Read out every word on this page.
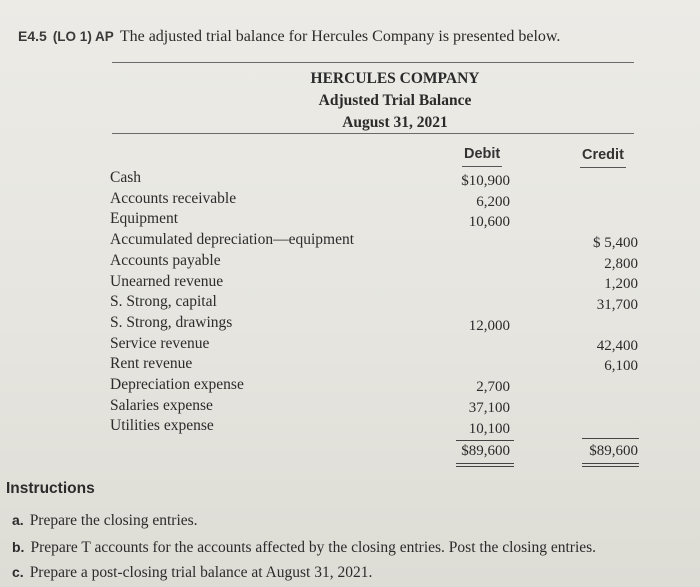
E4.5 (LO 1) AP The adjusted trial balance for Hercules Company is presented below.
HERCULES COMPANY
Adjusted Trial Balance
August 31, 2021
Debit	Credit
Cash
Accounts receivable
Equipment
Accumulated depreciation—equipment
Accounts payable
Unearned revenue
S. Strong, capital
S. Strong, drawings
Service revenue
Rent revenue
Depreciation expense
Salaries expense
Utilities expense
$10,900
6,200
10,600
12,000
2,700
37,100
10,100
$89,600
$ 5,400
2,800
1,200
31,700
42,400
6,100
$89,600
Instructions
a. Prepare the closing entries.
b. Prepare T accounts for the accounts affected by the closing entries. Post the closing entries.
c. Prepare a post-closing trial balance at August 31, 2021.
